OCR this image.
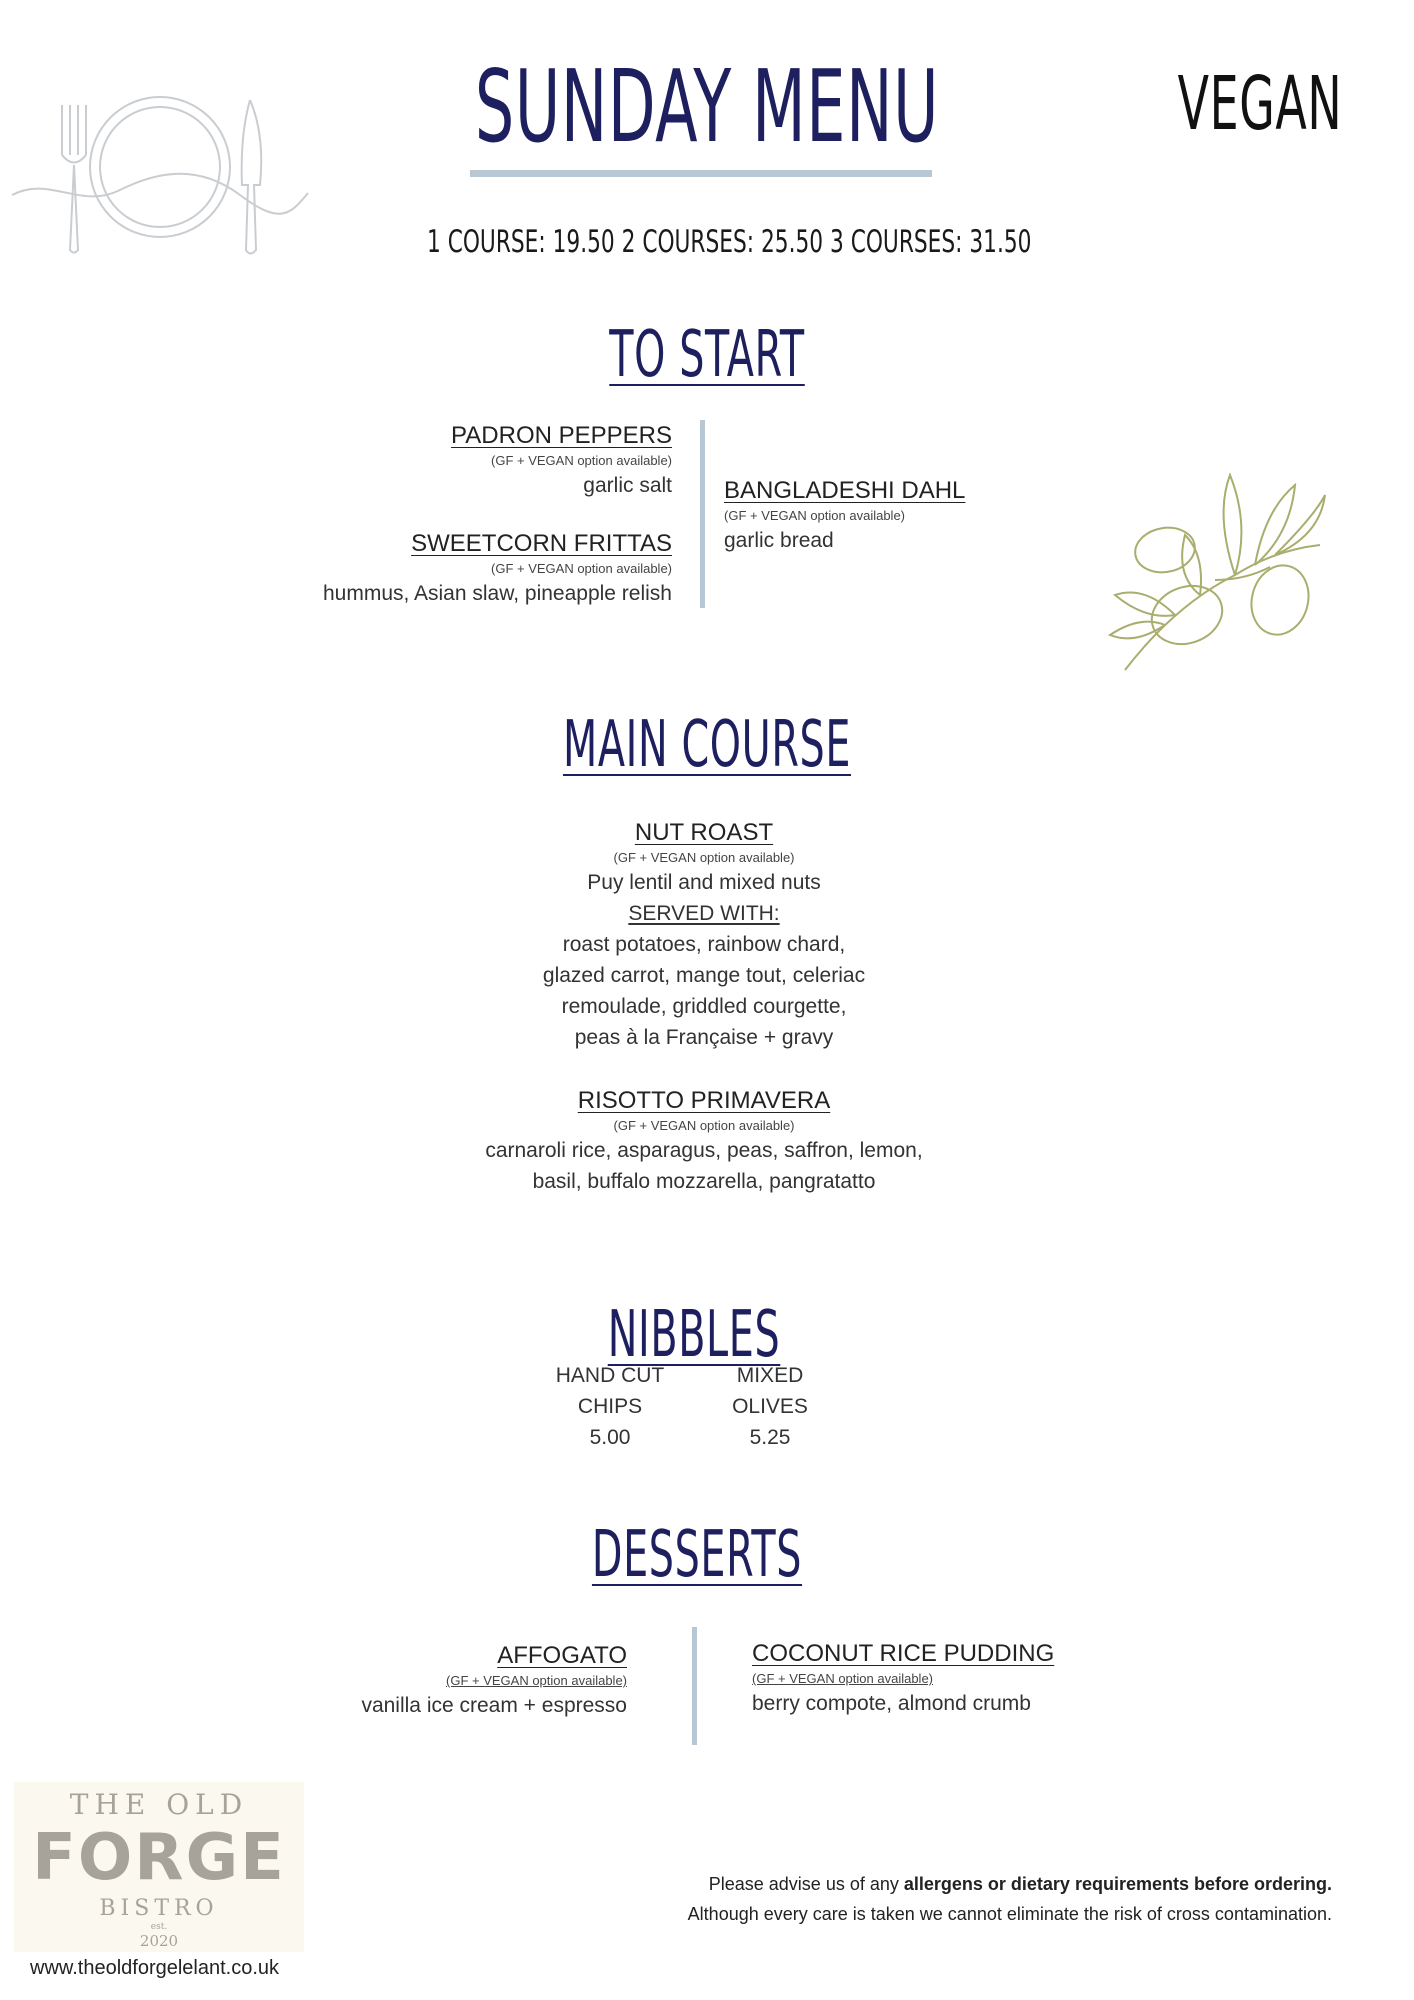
SUNDAY MENU	VEGAN
1 COURSE: 19.50 2 COURSES: 25.50 3 COURSES: 31.50
TO START
PADRON PEPPERS
(GF + VEGAN option available)
garlic salt
SWEETCORN FRITTAS
(GF + VEGAN option available)
hummus, Asian slaw, pineapple relish
BANGLADESHI DAHL
(GF + VEGAN option available)
garlic bread
MAIN COURSE
NUT ROAST
(GF + VEGAN option available)
Puy lentil and mixed nuts
SERVED WITH:
roast potatoes, rainbow chard,
glazed carrot, mange tout, celeriac
remoulade, griddled courgette,
peas à la Française + gravy
RISOTTO PRIMAVERA
(GF + VEGAN option available)
carnaroli rice, asparagus, peas, saffron, lemon,
basil, buffalo mozzarella, pangratatto
NIBBLES
HAND CUT
CHIPS
5.00
MIXED
OLIVES
5.25
DESSERTS
AFFOGATO
(GF + VEGAN option available)
vanilla ice cream + espresso
COCONUT RICE PUDDING
(GF + VEGAN option available)
berry compote, almond crumb
THE OLD
FORGE
BISTRO
est.
2020
www.theoldforgelelant.co.uk
Please advise us of any allergens or dietary requirements before ordering.
Although every care is taken we cannot eliminate the risk of cross contamination.
